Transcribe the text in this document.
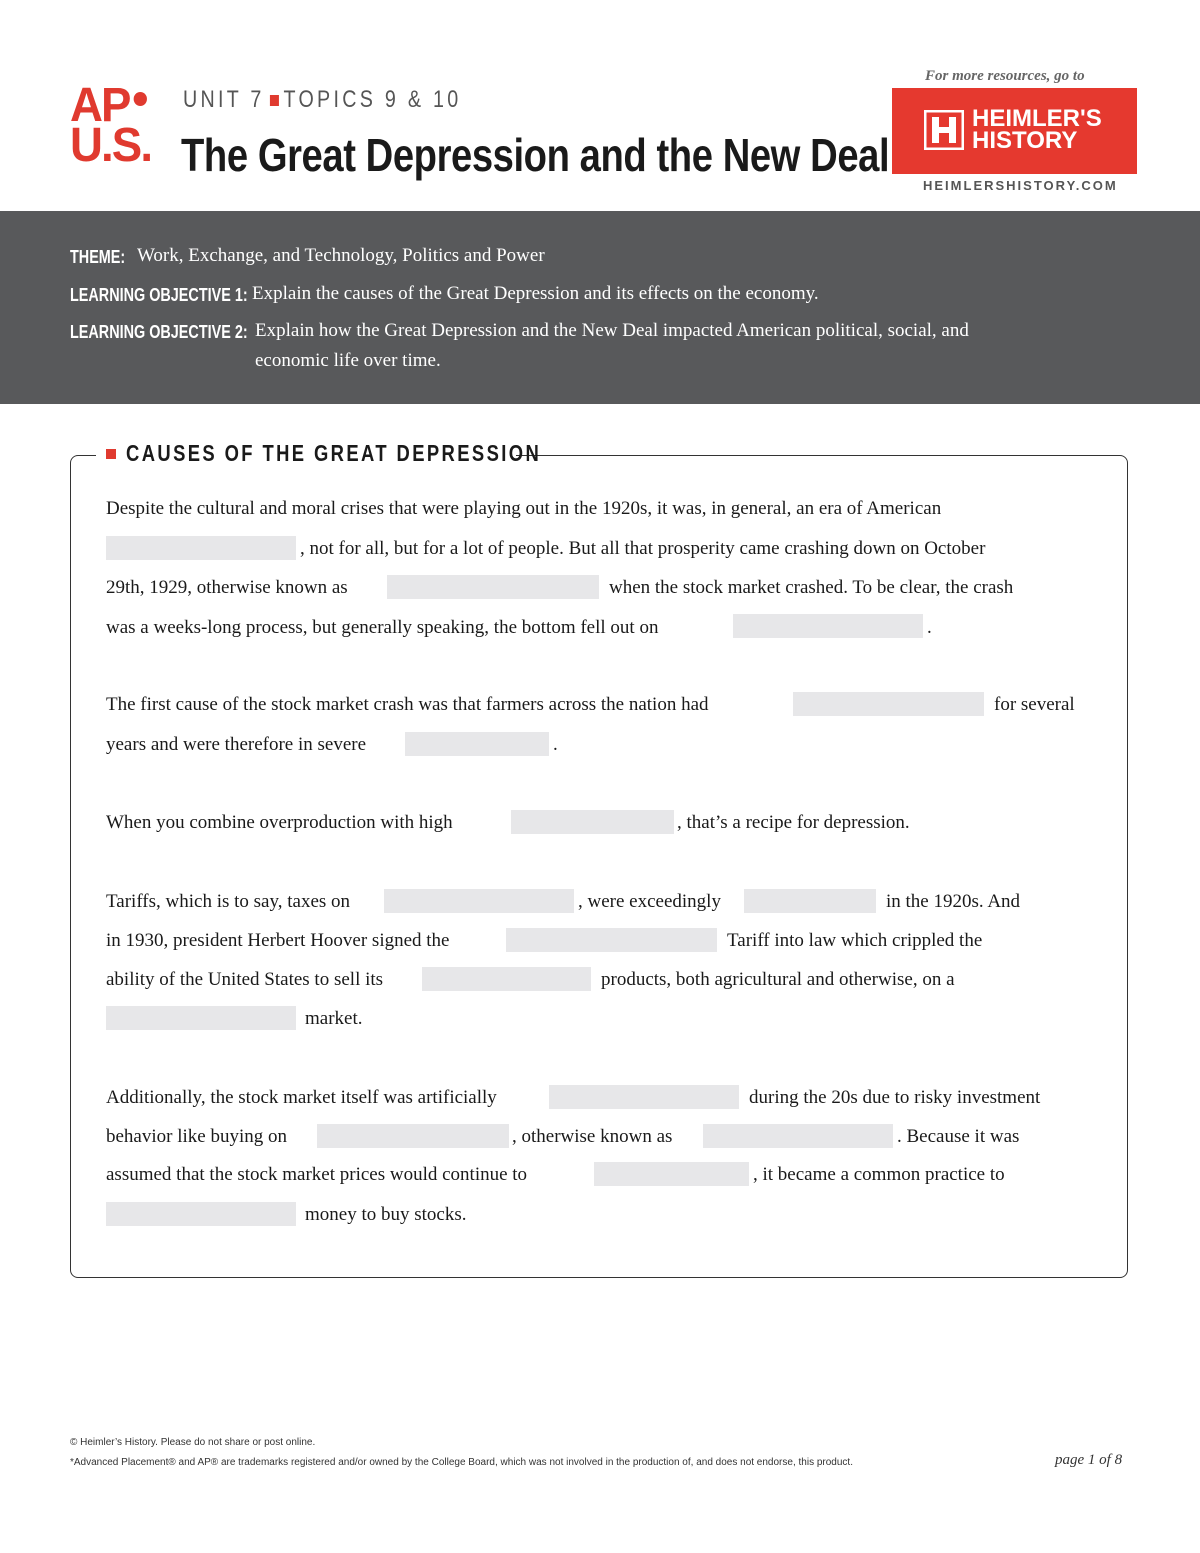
AP
U.S.
UNIT 7 TOPICS 9 & 10
The Great Depression and the New Deal
For more resources, go to
HEIMLER'S
HISTORY
HEIMLERSHISTORY.COM
THEME: Work, Exchange, and Technology, Politics and Power
LEARNING OBJECTIVE 1: Explain the causes of the Great Depression and its effects on the economy.
LEARNING OBJECTIVE 2: Explain how the Great Depression and the New Deal impacted American political, social, and
economic life over time.
CAUSES OF THE GREAT DEPRESSION
Despite the cultural and moral crises that were playing out in the 1920s, it was, in general, an era of American
, not for all, but for a lot of people. But all that prosperity came crashing down on October
29th, 1929, otherwise known as	when the stock market crashed. To be clear, the crash
was a weeks-long process, but generally speaking, the bottom fell out on	.
The first cause of the stock market crash was that farmers across the nation had	for several
years and were therefore in severe	.
When you combine overproduction with high	, that’s a recipe for depression.
Tariffs, which is to say, taxes on	, were exceedingly	in the 1920s. And
in 1930, president Herbert Hoover signed the	Tariff into law which crippled the
ability of the United States to sell its	products, both agricultural and otherwise, on a
market.
Additionally, the stock market itself was artificially	during the 20s due to risky investment
behavior like buying on	, otherwise known as	. Because it was
assumed that the stock market prices would continue to	, it became a common practice to
money to buy stocks.
© Heimler’s History. Please do not share or post online.
*Advanced Placement® and AP® are trademarks registered and/or owned by the College Board, which was not involved in the production of, and does not endorse, this product.	page 1 of 8
